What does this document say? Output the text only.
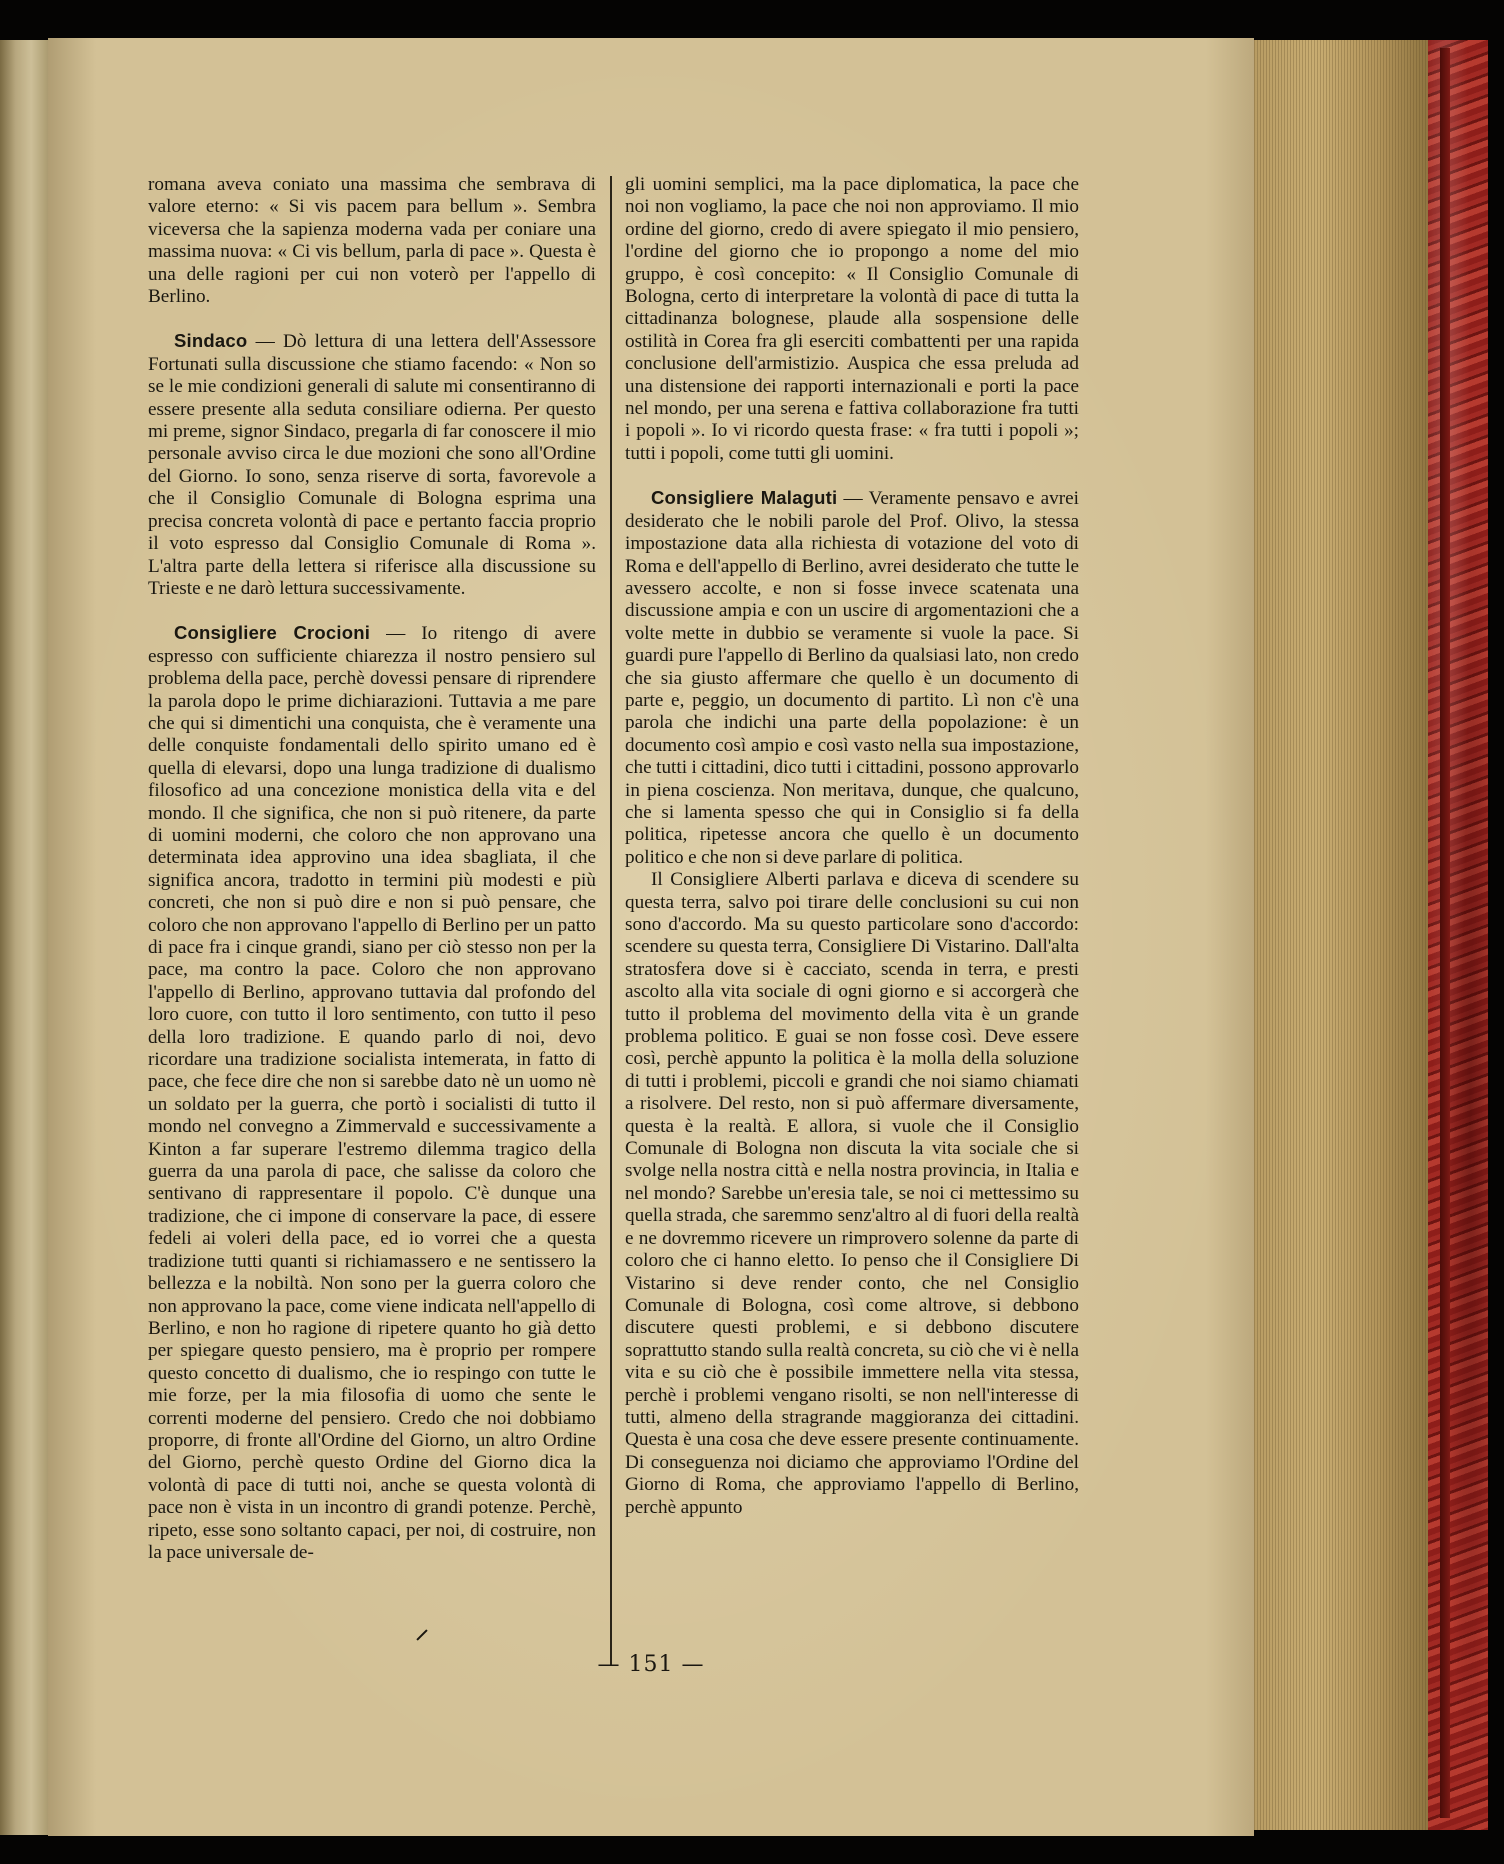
romana aveva coniato una massima che sembrava di valore eterno: « Si vis pacem para bellum ». Sembra viceversa che la sapienza moderna vada per coniare una massima nuova: « Ci vis bellum, parla di pace ». Questa è una delle ragioni per cui non voterò per l'appello di Berlino.

Sindaco — Dò lettura di una lettera dell'Assessore Fortunati sulla discussione che stiamo facendo: « Non so se le mie condizioni generali di salute mi consentiranno di essere presente alla seduta consiliare odierna. Per questo mi preme, signor Sindaco, pregarla di far conoscere il mio personale avviso circa le due mozioni che sono all'Ordine del Giorno. Io sono, senza riserve di sorta, favorevole a che il Consiglio Comunale di Bologna esprima una precisa concreta volontà di pace e pertanto faccia proprio il voto espresso dal Consiglio Comunale di Roma ». L'altra parte della lettera si riferisce alla discussione su Trieste e ne darò lettura successivamente.

Consigliere Crocioni — Io ritengo di avere espresso con sufficiente chiarezza il nostro pensiero sul problema della pace, perchè dovessi pensare di riprendere la parola dopo le prime dichiarazioni. Tuttavia a me pare che qui si dimentichi una conquista, che è veramente una delle conquiste fondamentali dello spirito umano ed è quella di elevarsi, dopo una lunga tradizione di dualismo filosofico ad una concezione monistica della vita e del mondo. Il che significa, che non si può ritenere, da parte di uomini moderni, che coloro che non approvano una determinata idea approvino una idea sbagliata, il che significa ancora, tradotto in termini più modesti e più concreti, che non si può dire e non si può pensare, che coloro che non approvano l'appello di Berlino per un patto di pace fra i cinque grandi, siano per ciò stesso non per la pace, ma contro la pace. Coloro che non approvano l'appello di Berlino, approvano tuttavia dal profondo del loro cuore, con tutto il loro sentimento, con tutto il peso della loro tradizione. E quando parlo di noi, devo ricordare una tradizione socialista intemerata, in fatto di pace, che fece dire che non si sarebbe dato nè un uomo nè un soldato per la guerra, che portò i socialisti di tutto il mondo nel convegno a Zimmervald e successivamente a Kinton a far superare l'estremo dilemma tragico della guerra da una parola di pace, che salisse da coloro che sentivano di rappresentare il popolo. C'è dunque una tradizione, che ci impone di conservare la pace, di essere fedeli ai voleri della pace, ed io vorrei che a questa tradizione tutti quanti si richiamassero e ne sentissero la bellezza e la nobiltà. Non sono per la guerra coloro che non approvano la pace, come viene indicata nell'appello di Berlino, e non ho ragione di ripetere quanto ho già detto per spiegare questo pensiero, ma è proprio per rompere questo concetto di dualismo, che io respingo con tutte le mie forze, per la mia filosofia di uomo che sente le correnti moderne del pensiero. Credo che noi dobbiamo proporre, di fronte all'Ordine del Giorno, un altro Ordine del Giorno, perchè questo Ordine del Giorno dica la volontà di pace di tutti noi, anche se questa volontà di pace non è vista in un incontro di grandi potenze. Perchè, ripeto, esse sono soltanto capaci, per noi, di costruire, non la pace universale de-

gli uomini semplici, ma la pace diplomatica, la pace che noi non vogliamo, la pace che noi non approviamo. Il mio ordine del giorno, credo di avere spiegato il mio pensiero, l'ordine del giorno che io propongo a nome del mio gruppo, è così concepito: « Il Consiglio Comunale di Bologna, certo di interpretare la volontà di pace di tutta la cittadinanza bolognese, plaude alla sospensione delle ostilità in Corea fra gli eserciti combattenti per una rapida conclusione dell'armistizio. Auspica che essa preluda ad una distensione dei rapporti internazionali e porti la pace nel mondo, per una serena e fattiva collaborazione fra tutti i popoli ». Io vi ricordo questa frase: « fra tutti i popoli »; tutti i popoli, come tutti gli uomini.

Consigliere Malaguti — Veramente pensavo e avrei desiderato che le nobili parole del Prof. Olivo, la stessa impostazione data alla richiesta di votazione del voto di Roma e dell'appello di Berlino, avrei desiderato che tutte le avessero accolte, e non si fosse invece scatenata una discussione ampia e con un uscire di argomentazioni che a volte mette in dubbio se veramente si vuole la pace. Si guardi pure l'appello di Berlino da qualsiasi lato, non credo che sia giusto affermare che quello è un documento di parte e, peggio, un documento di partito. Lì non c'è una parola che indichi una parte della popolazione: è un documento così ampio e così vasto nella sua impostazione, che tutti i cittadini, dico tutti i cittadini, possono approvarlo in piena coscienza. Non meritava, dunque, che qualcuno, che si lamenta spesso che qui in Consiglio si fa della politica, ripetesse ancora che quello è un documento politico e che non si deve parlare di politica.

Il Consigliere Alberti parlava e diceva di scendere su questa terra, salvo poi tirare delle conclusioni su cui non sono d'accordo. Ma su questo particolare sono d'accordo: scendere su questa terra, Consigliere Di Vistarino. Dall'alta stratosfera dove si è cacciato, scenda in terra, e presti ascolto alla vita sociale di ogni giorno e si accorgerà che tutto il problema del movimento della vita è un grande problema politico. E guai se non fosse così. Deve essere così, perchè appunto la politica è la molla della soluzione di tutti i problemi, piccoli e grandi che noi siamo chiamati a risolvere. Del resto, non si può affermare diversamente, questa è la realtà. E allora, si vuole che il Consiglio Comunale di Bologna non discuta la vita sociale che si svolge nella nostra città e nella nostra provincia, in Italia e nel mondo? Sarebbe un'eresia tale, se noi ci mettessimo su quella strada, che saremmo senz'altro al di fuori della realtà e ne dovremmo ricevere un rimprovero solenne da parte di coloro che ci hanno eletto. Io penso che il Consigliere Di Vistarino si deve render conto, che nel Consiglio Comunale di Bologna, così come altrove, si debbono discutere questi problemi, e si debbono discutere soprattutto stando sulla realtà concreta, su ciò che vi è nella vita e su ciò che è possibile immettere nella vita stessa, perchè i problemi vengano risolti, se non nell'interesse di tutti, almeno della stragrande maggioranza dei cittadini. Questa è una cosa che deve essere presente continuamente. Di conseguenza noi diciamo che approviamo l'Ordine del Giorno di Roma, che approviamo l'appello di Berlino, perchè appunto

— 151 —
